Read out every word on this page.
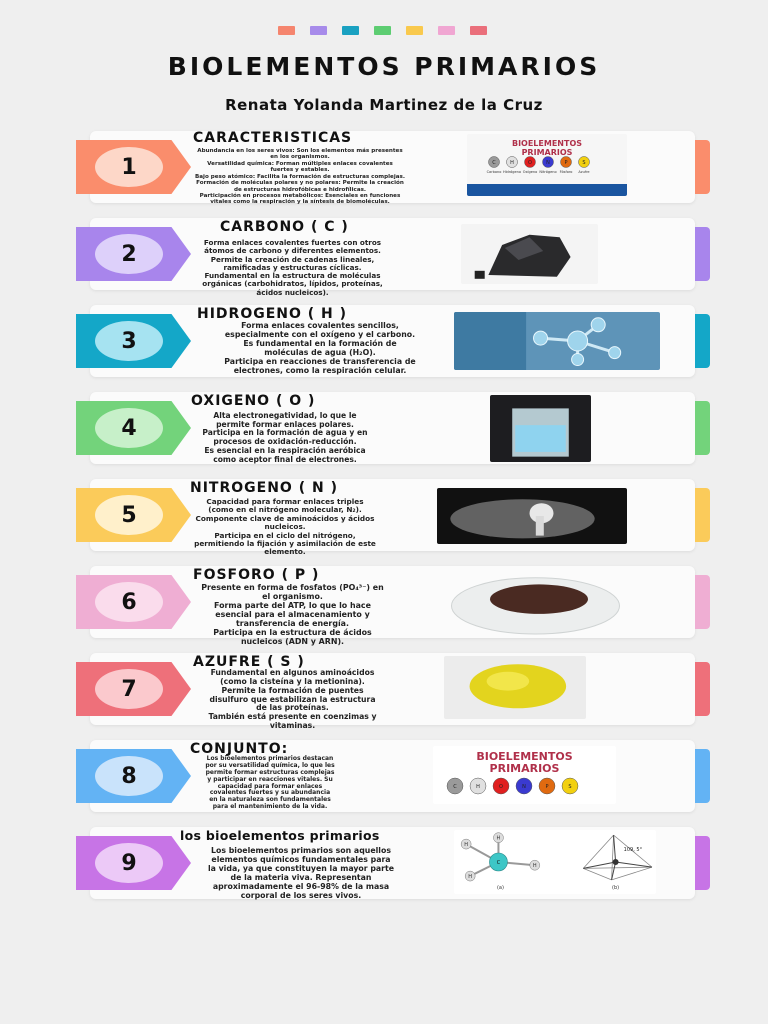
BIOLEMENTOS PRIMARIOS
Renata Yolanda Martinez de la Cruz
1
CARACTERISTICAS
Abundancia en los seres vivos: Son los elementos más presentes
en los organismos.
Versatilidad química: Forman múltiples enlaces covalentes
fuertes y estables.
Bajo peso atómico: Facilita la formación de estructuras complejas.
Formación de moléculas polares y no polares: Permite la creación
de estructuras hidrofóbicas e hidrofílicas.
Participación en procesos metabólicos: Esenciales en funciones
vitales como la respiración y la síntesis de biomoléculas.
BIOELEMENTOS
PRIMARIOS
C
Carbono
H
Hidrógeno
O
Oxígeno
N
Nitrógeno
P
Fósforo
S
Azufre
2
CARBONO ( C )
Forma enlaces covalentes fuertes con otros
átomos de carbono y diferentes elementos.
Permite la creación de cadenas lineales,
ramificadas y estructuras cíclicas.
Fundamental en la estructura de moléculas
orgánicas (carbohidratos, lípidos, proteínas,
ácidos nucleicos).
3
HIDROGENO ( H )
Forma enlaces covalentes sencillos,
especialmente con el oxígeno y el carbono.
Es fundamental en la formación de
moléculas de agua (H₂O).
Participa en reacciones de transferencia de
electrones, como la respiración celular.
4
OXIGENO ( O )
Alta electronegatividad, lo que le
permite formar enlaces polares.
Participa en la formación de agua y en
procesos de oxidación-reducción.
Es esencial en la respiración aeróbica
como aceptor final de electrones.
5
NITROGENO ( N )
Capacidad para formar enlaces triples
(como en el nitrógeno molecular, N₂).
Componente clave de aminoácidos y ácidos
nucleicos.
Participa en el ciclo del nitrógeno,
permitiendo la fijación y asimilación de este
elemento.
6
FOSFORO ( P )
Presente en forma de fosfatos (PO₄³⁻) en
el organismo.
Forma parte del ATP, lo que lo hace
esencial para el almacenamiento y
transferencia de energía.
Participa en la estructura de ácidos
nucleicos (ADN y ARN).
7
AZUFRE ( S )
Fundamental en algunos aminoácidos
(como la cisteína y la metionina).
Permite la formación de puentes
disulfuro que estabilizan la estructura
de las proteínas.
También está presente en coenzimas y
vitaminas.
8
CONJUNTO:
Los bioelementos primarios destacan
por su versatilidad química, lo que les
permite formar estructuras complejas
y participar en reacciones vitales. Su
capacidad para formar enlaces
covalentes fuertes y su abundancia
en la naturaleza son fundamentales
para el mantenimiento de la vida.
BIOELEMENTOS
PRIMARIOS
C	H	O	N	P	S
9
los bioelementos primarios
Los bioelementos primarios son aquellos
elementos químicos fundamentales para
la vida, ya que constituyen la mayor parte
de la materia viva. Representan
aproximadamente el 96-98% de la masa
corporal de los seres vivos.
H
H
H
H
C
(a)
109, 5°
(b)
